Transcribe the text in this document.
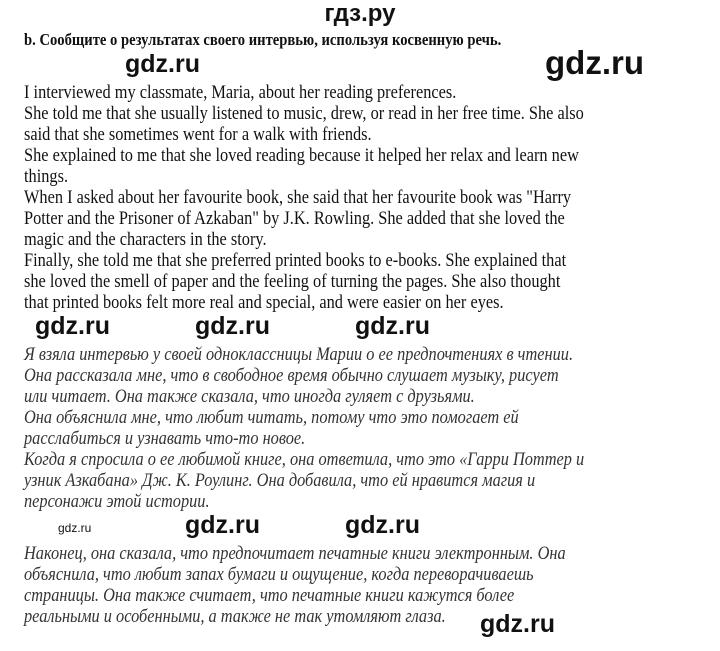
гдз.ру
b. Сообщите о результатах своего интервью, используя косвенную речь.
I interviewed my classmate, Maria, about her reading preferences.
She told me that she usually listened to music, drew, or read in her free time. She also
said that she sometimes went for a walk with friends.
She explained to me that she loved reading because it helped her relax and learn new
things.
When I asked about her favourite book, she said that her favourite book was "Harry
Potter and the Prisoner of Azkaban" by J.K. Rowling. She added that she loved the
magic and the characters in the story.
Finally, she told me that she preferred printed books to e-books. She explained that
she loved the smell of paper and the feeling of turning the pages. She also thought
that printed books felt more real and special, and were easier on her eyes.
Я взяла интервью у своей одноклассницы Марии о ее предпочтениях в чтении.
Она рассказала мне, что в свободное время обычно слушает музыку, рисует
или читает. Она также сказала, что иногда гуляет с друзьями.
Она объяснила мне, что любит читать, потому что это помогает ей
расслабиться и узнавать что-то новое.
Когда я спросила о ее любимой книге, она ответила, что это «Гарри Поттер и
узник Азкабана» Дж. К. Роулинг. Она добавила, что ей нравится магия и
персонажи этой истории.
Наконец, она сказала, что предпочитает печатные книги электронным. Она
объяснила, что любит запах бумаги и ощущение, когда переворачиваешь
страницы. Она также считает, что печатные книги кажутся более
реальными и особенными, а также не так утомляют глаза.
gdz.ru	gdz.ru
gdz.ru	gdz.ru	gdz.ru
gdz.ru	gdz.ru
gdz.ru
gdz.ru
